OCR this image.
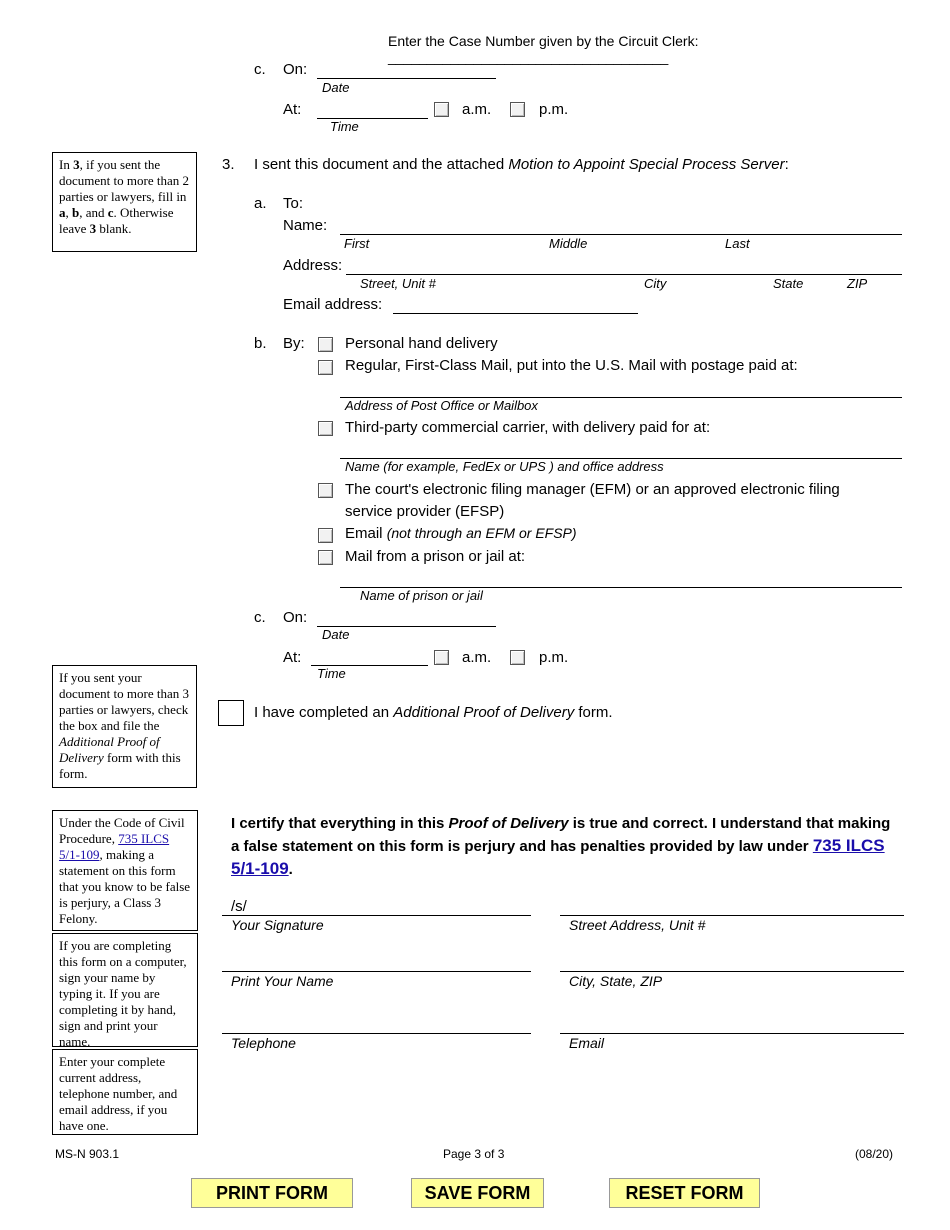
Enter the Case Number given by the Circuit Clerk: ____________________________________
c. On:
Date
At:	a.m.	p.m.
Time
In 3, if you sent the document to more than 2 parties or lawyers, fill in a, b, and c. Otherwise leave 3 blank.
3. I sent this document and the attached Motion to Appoint Special Process Server:
a. To:
Name:
First	Middle	Last
Address:
Street, Unit #	City	State	ZIP
Email address:
b. By:	Personal hand delivery
Regular, First-Class Mail, put into the U.S. Mail with postage paid at:
Address of Post Office or Mailbox
Third-party commercial carrier, with delivery paid for at:
Name (for example, FedEx or UPS ) and office address
The court's electronic filing manager (EFM) or an approved electronic filing
service provider (EFSP)
Email (not through an EFM or EFSP)
Mail from a prison or jail at:
Name of prison or jail
c. On:
Date
At:	a.m.	p.m.
Time
If you sent your document to more than 3 parties or lawyers, check the box and file the Additional Proof of Delivery form with this form.
I have completed an Additional Proof of Delivery form.
Under the Code of Civil Procedure, 735 ILCS 5/1-109, making a statement on this form that you know to be false is perjury, a Class 3 Felony.
If you are completing this form on a computer, sign your name by typing it. If you are completing it by hand, sign and print your name.
Enter your complete current address, telephone number, and email address, if you have one.
I certify that everything in this Proof of Delivery is true and correct. I understand that making a false statement on this form is perjury and has penalties provided by law under 735 ILCS 5/1-109.
/s/
Your Signature	Street Address, Unit #
Print Your Name	City, State, ZIP
Telephone	Email
MS-N 903.1	Page 3 of 3	(08/20)
PRINT FORM	SAVE FORM	RESET FORM
